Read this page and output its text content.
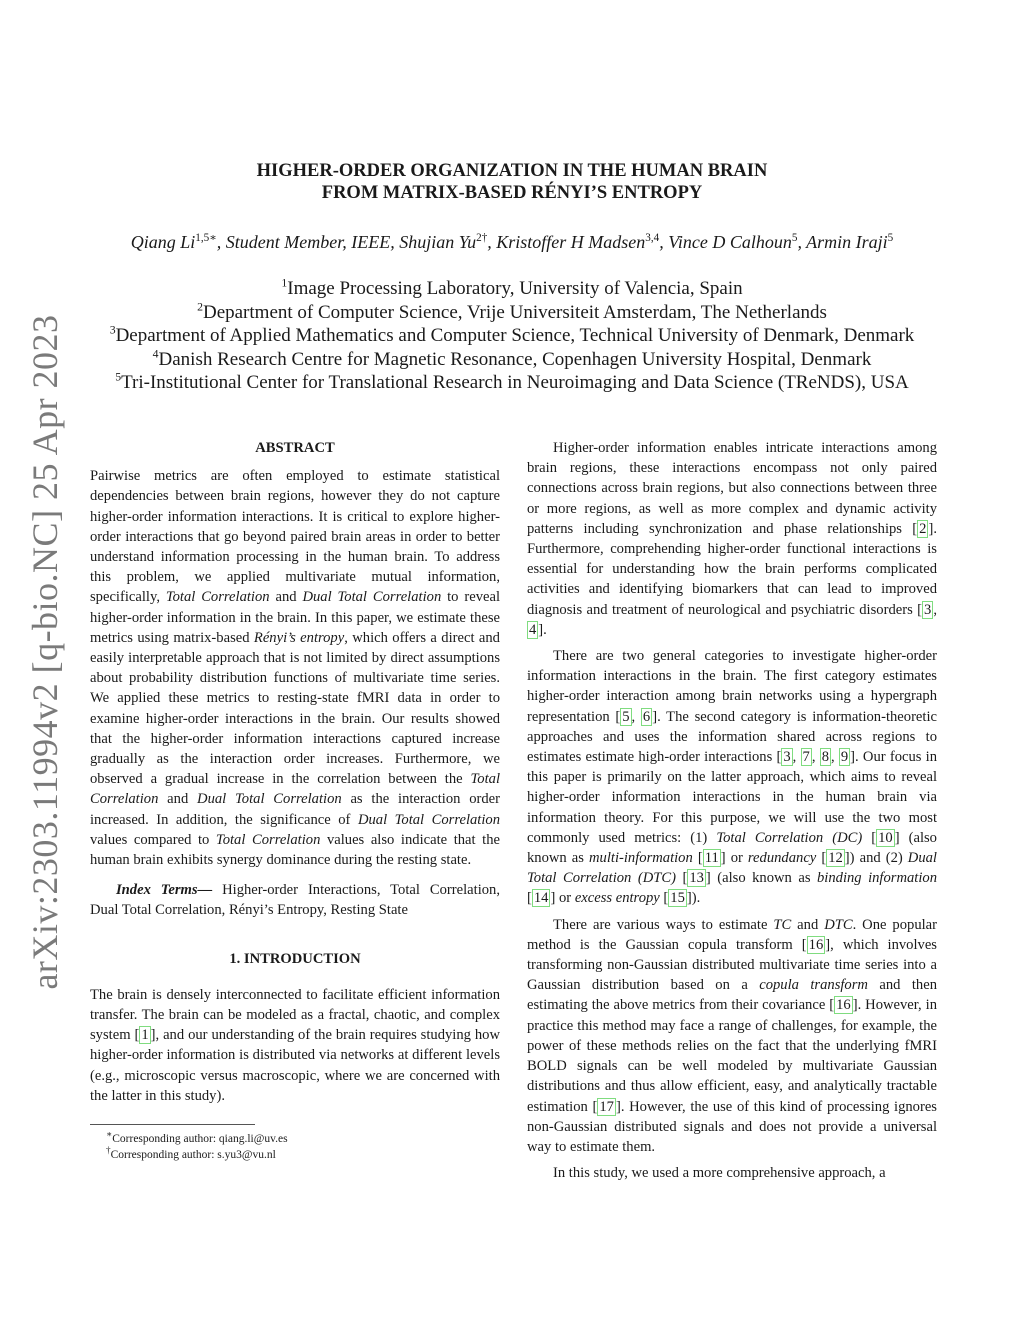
arXiv:2303.11994v2 [q-bio.NC] 25 Apr 2023
HIGHER-ORDER ORGANIZATION IN THE HUMAN BRAIN
FROM MATRIX-BASED RÉNYI’S ENTROPY
Qiang $Li^{1,5∗}$, Student Member, IEEE, Shujian $Yu^{2\dagger}$, Kristoffer H Madsen$^{3,4}$, Vince D Calhoun$^5$, Armin Iraji$^5$
$^1$Image Processing Laboratory, University of Valencia, Spain
$^2$Department of Computer Science, Vrije Universiteit Amsterdam, The Netherlands
$^3$Department of Applied Mathematics and Computer Science, Technical University of Denmark, Denmark
$^4$Danish Research Centre for Magnetic Resonance, Copenhagen University Hospital, Denmark
$^5$Tri-Institutional Center for Translational Research in Neuroimaging and Data Science (TReNDS), USA
ABSTRACT

Pairwise metrics are often employed to estimate statistical dependencies between brain regions, however they do not capture higher-order information interactions. It is critical to explore higher-order interactions that go beyond paired brain areas in order to better understand information processing in the human brain. To address this problem, we applied multivariate mutual information, specifically, Total Correlation and Dual Total Correlation to reveal higher-order information in the brain. In this paper, we estimate these metrics using matrix-based Rényi’s entropy, which offers a direct and easily interpretable approach that is not limited by direct assumptions about probability distribution functions of multivariate time series. We applied these metrics to resting-state fMRI data in order to examine higher-order interactions in the brain. Our results showed that the higher-order information interactions captured increase gradually as the interaction order increases. Furthermore, we observed a gradual increase in the correlation between the Total Correlation and Dual Total Correlation as the interaction order increased. In addition, the significance of Dual Total Correlation values compared to Total Correlation values also indicate that the human brain exhibits synergy dominance during the resting state.

Index Terms— Higher-order Interactions, Total Correlation, Dual Total Correlation, Rényi’s Entropy, Resting State

1. INTRODUCTION

The brain is densely interconnected to facilitate efficient information transfer. The brain can be modeled as a fractal, chaotic, and complex system [ 1 ], and our understanding of the brain requires studying how higher-order information is distributed via networks at different levels (e.g., microscopic versus macroscopic, where we are concerned with the latter in this study).

∗Corresponding author: qiang.li@uv.es
†Corresponding author: s.yu3@vu.nl

Higher-order information enables intricate interactions among brain regions, these interactions encompass not only paired connections across brain regions, but also connections between three or more regions, as well as more complex and dynamic activity patterns including synchronization and phase relationships [ 2 ]. Furthermore, comprehending higher-order functional interactions is essential for understanding how the brain performs complicated activities and identifying biomarkers that can lead to improved diagnosis and treatment of neurological and psychiatric disorders [ 3 , 4 ].

There are two general categories to investigate higher-order information interactions in the brain. The first category estimates higher-order interaction among brain networks using a hypergraph representation [ 5 , 6 ]. The second category is information-theoretic approaches and uses the information shared across regions to estimates estimate high-order interactions [ 3 , 7 , 8 , 9 ]. Our focus in this paper is primarily on the latter approach, which aims to reveal higher-order information interactions in the human brain via information theory. For this purpose, we will use the two most commonly used metrics: (1) Total Correlation (DC) [ 10 ] (also known as multi-information [ 11 ] or redundancy [ 12 ]) and (2) Dual Total Correlation (DTC) [ 13 ] (also known as binding information [ 14 ] or excess entropy [ 15 ]).

There are various ways to estimate TC and DTC. One popular method is the Gaussian copula transform [ 16 ], which involves transforming non-Gaussian distributed multivariate time series into a Gaussian distribution based on a copula transform and then estimating the above metrics from their covariance [ 16 ]. However, in practice this method may face a range of challenges, for example, the power of these methods relies on the fact that the underlying fMRI BOLD signals can be well modeled by multivariate Gaussian distributions and thus allow efficient, easy, and analytically tractable estimation [ 17 ]. However, the use of this kind of processing ignores non-Gaussian distributed signals and does not provide a universal way to estimate them.

In this study, we used a more comprehensive approach, a
